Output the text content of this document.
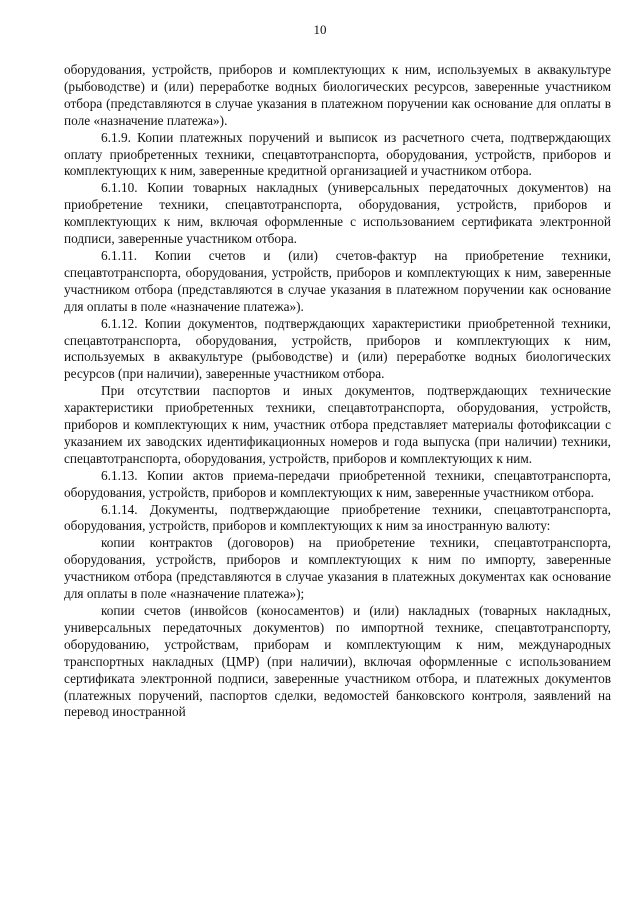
10

оборудования, устройств, приборов и комплектующих к ним, используемых в аквакультуре (рыбоводстве) и (или) переработке водных биологических ресурсов, заверенные участником отбора (представляются в случае указания в платежном поручении как основание для оплаты в поле «назначение платежа»).

6.1.9. Копии платежных поручений и выписок из расчетного счета, подтверждающих оплату приобретенных техники, спецавтотранспорта, оборудования, устройств, приборов и комплектующих к ним, заверенные кредитной организацией и участником отбора.

6.1.10. Копии товарных накладных (универсальных передаточных документов) на приобретение техники, спецавтотранспорта, оборудования, устройств, приборов и комплектующих к ним, включая оформленные с использованием сертификата электронной подписи, заверенные участником отбора.

6.1.11. Копии счетов и (или) счетов-фактур на приобретение техники, спецавтотранспорта, оборудования, устройств, приборов и комплектующих к ним, заверенные участником отбора (представляются в случае указания в платежном поручении как основание для оплаты в поле «назначение платежа»).

6.1.12. Копии документов, подтверждающих характеристики приобретенной техники, спецавтотранспорта, оборудования, устройств, приборов и комплектующих к ним, используемых в аквакультуре (рыбоводстве) и (или) переработке водных биологических ресурсов (при наличии), заверенные участником отбора.

При отсутствии паспортов и иных документов, подтверждающих технические характеристики приобретенных техники, спецавтотранспорта, оборудования, устройств, приборов и комплектующих к ним, участник отбора представляет материалы фотофиксации с указанием их заводских идентификационных номеров и года выпуска (при наличии) техники, спецавтотранспорта, оборудования, устройств, приборов и комплектующих к ним.

6.1.13. Копии актов приема-передачи приобретенной техники, спецавтотранспорта, оборудования, устройств, приборов и комплектующих к ним, заверенные участником отбора.

6.1.14. Документы, подтверждающие приобретение техники, спецавтотранспорта, оборудования, устройств, приборов и комплектующих к ним за иностранную валюту:

копии контрактов (договоров) на приобретение техники, спецавтотранспорта, оборудования, устройств, приборов и комплектующих к ним по импорту, заверенные участником отбора (представляются в случае указания в платежных документах как основание для оплаты в поле «назначение платежа»);

копии счетов (инвойсов (коносаментов) и (или) накладных (товарных накладных, универсальных передаточных документов) по импортной технике, спецавтотранспорту, оборудованию, устройствам, приборам и комплектующим к ним, международных транспортных накладных (ЦМР) (при наличии), включая оформленные с использованием сертификата электронной подписи, заверенные участником отбора, и платежных документов (платежных поручений, паспортов сделки, ведомостей банковского контроля, заявлений на перевод иностранной
